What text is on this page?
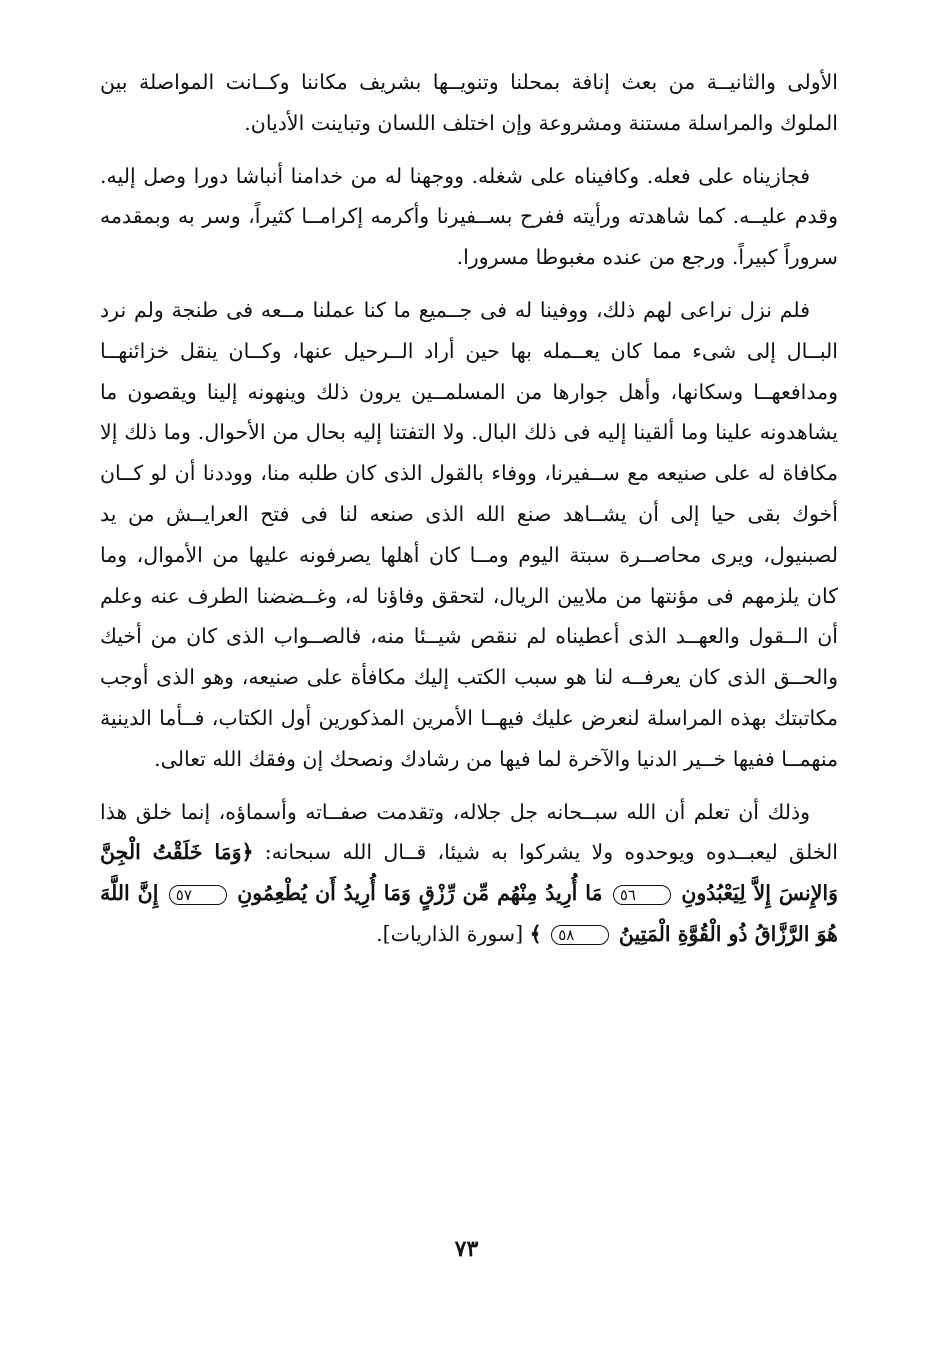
الأولى والثانيــة من بعث إنافة بمحلنا وتنويــها بشريف مكاننا وكــانت المواصلة بين الملوك والمراسلة مستنة ومشروعة وإن اختلف اللسان وتباينت الأديان.

فجازيناه على فعله. وكافيناه على شغله. ووجهنا له من خدامنا أنباشا دورا وصل إليه. وقدم عليــه. كما شاهدته ورأيته ففرح بســفيرنا وأكرمه إكرامــا كثيراً، وسر به وبمقدمه سروراً كبيراً. ورجع من عنده مغبوطا مسرورا.

فلم نزل نراعى لهم ذلك، ووفينا له فى جــميع ما كنا عملنا مــعه فى طنجة ولم نرد البــال إلى شىء مما كان يعــمله بها حين أراد الــرحيل عنها، وكــان ينقل خزائنهــا ومدافعهــا وسكانها، وأهل جوارها من المسلمــين يرون ذلك وينهونه إلينا ويقصون ما يشاهدونه علينا وما ألقينا إليه فى ذلك البال. ولا التفتنا إليه بحال من الأحوال. وما ذلك إلا مكافاة له على صنيعه مع ســفيرنا، ووفاء بالقول الذى كان طلبه منا، ووددنا أن لو كــان أخوك بقى حيا إلى أن يشــاهد صنع الله الذى صنعه لنا فى فتح العرايــش من يد لصبنيول، ويرى محاصــرة سبتة اليوم ومــا كان أهلها يصرفونه عليها من الأموال، وما كان يلزمهم فى مؤنتها من ملايين الريال، لتحقق وفاؤنا له، وغــضضنا الطرف عنه وعلم أن الــقول والعهــد الذى أعطيناه لم ننقص شيــئا منه، فالصــواب الذى كان من أخيك والحــق الذى كان يعرفــه لنا هو سبب الكتب إليك مكافأة على صنيعه، وهو الذى أوجب مكاتبتك بهذه المراسلة لنعرض عليك فيهــا الأمرين المذكورين أول الكتاب، فــأما الدينية منهمــا ففيها خــير الدنيا والآخرة لما فيها من رشادك ونصحك إن وفقك الله تعالى.

وذلك أن تعلم أن الله سبــحانه جل جلاله، وتقدمت صفــاته وأسماؤه، إنما خلق هذا الخلق ليعبــدوه ويوحدوه ولا يشركوا به شيئا، قــال الله سبحانه: ﴿وَمَا خَلَقْتُ الْجِنَّ وَالإِنسَ إِلاَّ لِيَعْبُدُونِ ٥٦ مَا أُرِيدُ مِنْهُم مِّن رِّزْقٍ وَمَا أُرِيدُ أَن يُطْعِمُونِ ٥٧ إِنَّ اللَّهَ هُوَ الرَّزَّاقُ ذُو الْقُوَّةِ الْمَتِينُ ٥٨ ﴾ [سورة الذاريات].

٧٣
